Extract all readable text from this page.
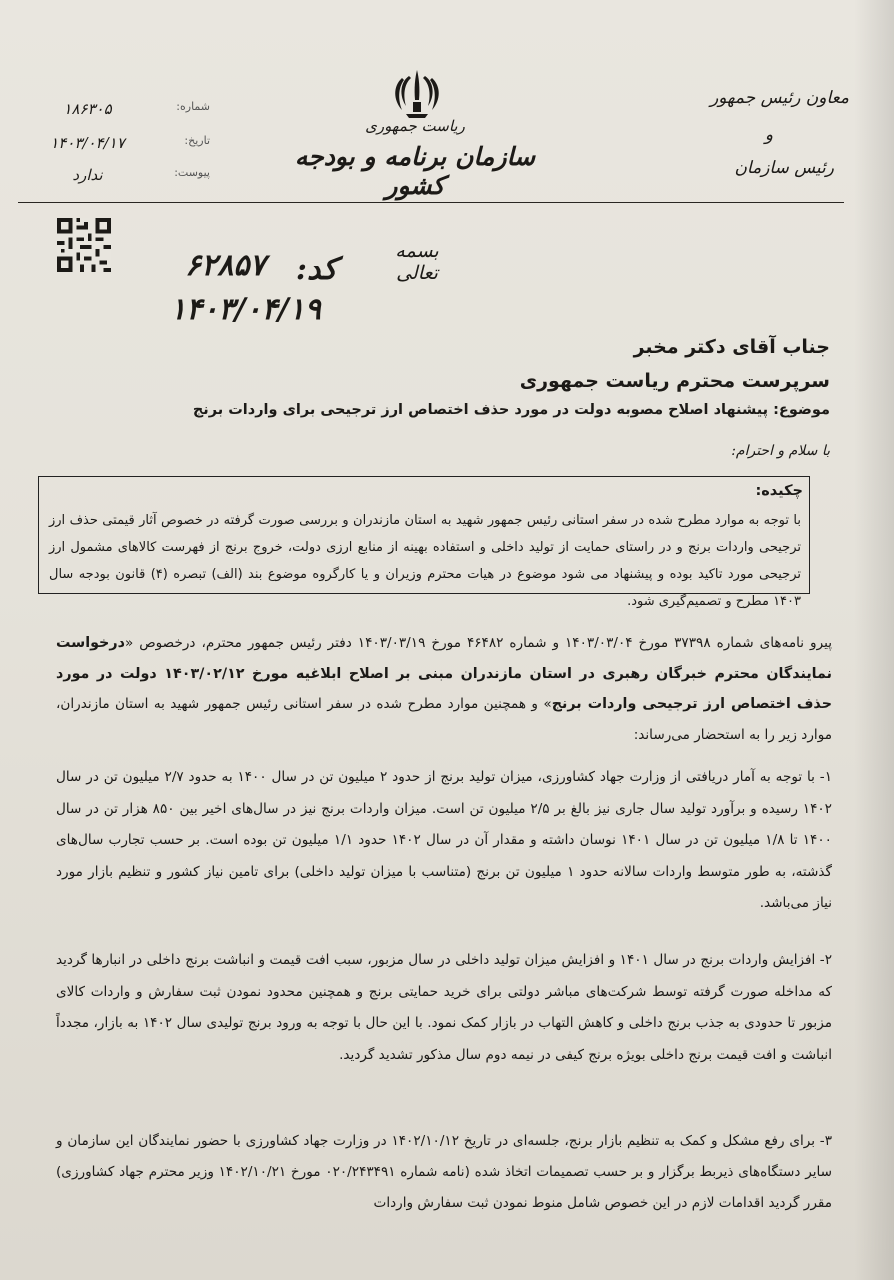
ریاست جمهوری
سازمان برنامه و بودجه کشور
معاون رئیس جمهور
و
رئیس سازمان
شماره:
۱۸۶۳۰۵
تاریخ:
۱۴۰۳/۰۴/۱۷
پیوست:
ندارد
بسمه تعالی
کد:
۶۲۸۵۷
۱۴۰۳/۰۴/۱۹
جناب آقای دکتر مخبر
سرپرست محترم ریاست جمهوری
موضوع: پیشنهاد اصلاح مصوبه دولت در مورد حذف اختصاص ارز ترجیحی برای واردات برنج
با سلام و احترام:
چکیده:
با توجه به موارد مطرح شده در سفر استانی رئیس جمهور شهید به استان مازندران و بررسی صورت گرفته در خصوص آثار قیمتی حذف ارز ترجیحی واردات برنج و در راستای حمایت از تولید داخلی و استفاده بهینه از منابع ارزی دولت، خروج برنج از فهرست کالاهای مشمول ارز ترجیحی مورد تاکید بوده و پیشنهاد می شود موضوع در هیات محترم وزیران و یا کارگروه موضوع بند (الف) تبصره (۴) قانون بودجه سال ۱۴۰۳ مطرح و تصمیم‌گیری شود.
پیرو نامه‌های شماره ۳۷۳۹۸ مورخ ۱۴۰۳/۰۳/۰۴ و شماره ۴۶۴۸۲ مورخ ۱۴۰۳/۰۳/۱۹ دفتر رئیس جمهور محترم، درخصوص «درخواست نمایندگان محترم خبرگان رهبری در استان مازندران مبنی بر اصلاح ابلاغیه مورخ ۱۴۰۳/۰۲/۱۲ دولت در مورد حذف اختصاص ارز ترجیحی واردات برنج» و همچنین موارد مطرح شده در سفر استانی رئیس جمهور شهید به استان مازندران، موارد زیر را به استحضار می‌رساند:
۱- با توجه به آمار دریافتی از وزارت جهاد کشاورزی، میزان تولید برنج از حدود ۲ میلیون تن در سال ۱۴۰۰ به حدود ۲/۷ میلیون تن در سال ۱۴۰۲ رسیده و برآورد تولید سال جاری نیز بالغ بر ۲/۵ میلیون تن است. میزان واردات برنج نیز در سال‌های اخیر بین ۸۵۰ هزار تن در سال ۱۴۰۰ تا ۱/۸ میلیون تن در سال ۱۴۰۱ نوسان داشته و مقدار آن در سال ۱۴۰۲ حدود ۱/۱ میلیون تن بوده است. بر حسب تجارب سال‌های گذشته، به طور متوسط واردات سالانه حدود ۱ میلیون تن برنج (متناسب با میزان تولید داخلی) برای تامین نیاز کشور و تنظیم بازار مورد نیاز می‌باشد.
۲- افزایش واردات برنج در سال ۱۴۰۱ و افزایش میزان تولید داخلی در سال مزبور، سبب افت قیمت و انباشت برنج داخلی در انبارها گردید که مداخله صورت گرفته توسط شرکت‌های مباشر دولتی برای خرید حمایتی برنج و همچنین محدود نمودن ثبت سفارش و واردات کالای مزبور تا حدودی به جذب برنج داخلی و کاهش التهاب در بازار کمک نمود. با این حال با توجه به ورود برنج تولیدی سال ۱۴۰۲ به بازار، مجدداً انباشت و افت قیمت برنج داخلی بویژه برنج کیفی در نیمه دوم سال مذکور تشدید گردید.
۳- برای رفع مشکل و کمک به تنظیم بازار برنج، جلسه‌ای در تاریخ ۱۴۰۲/۱۰/۱۲ در وزارت جهاد کشاورزی با حضور نمایندگان این سازمان و سایر دستگاه‌های ذیربط برگزار و بر حسب تصمیمات اتخاذ شده (نامه شماره ۰۲۰/۲۴۳۴۹۱ مورخ ۱۴۰۲/۱۰/۲۱ وزیر محترم جهاد کشاورزی) مقرر گردید اقدامات لازم در این خصوص شامل منوط نمودن ثبت سفارش واردات
